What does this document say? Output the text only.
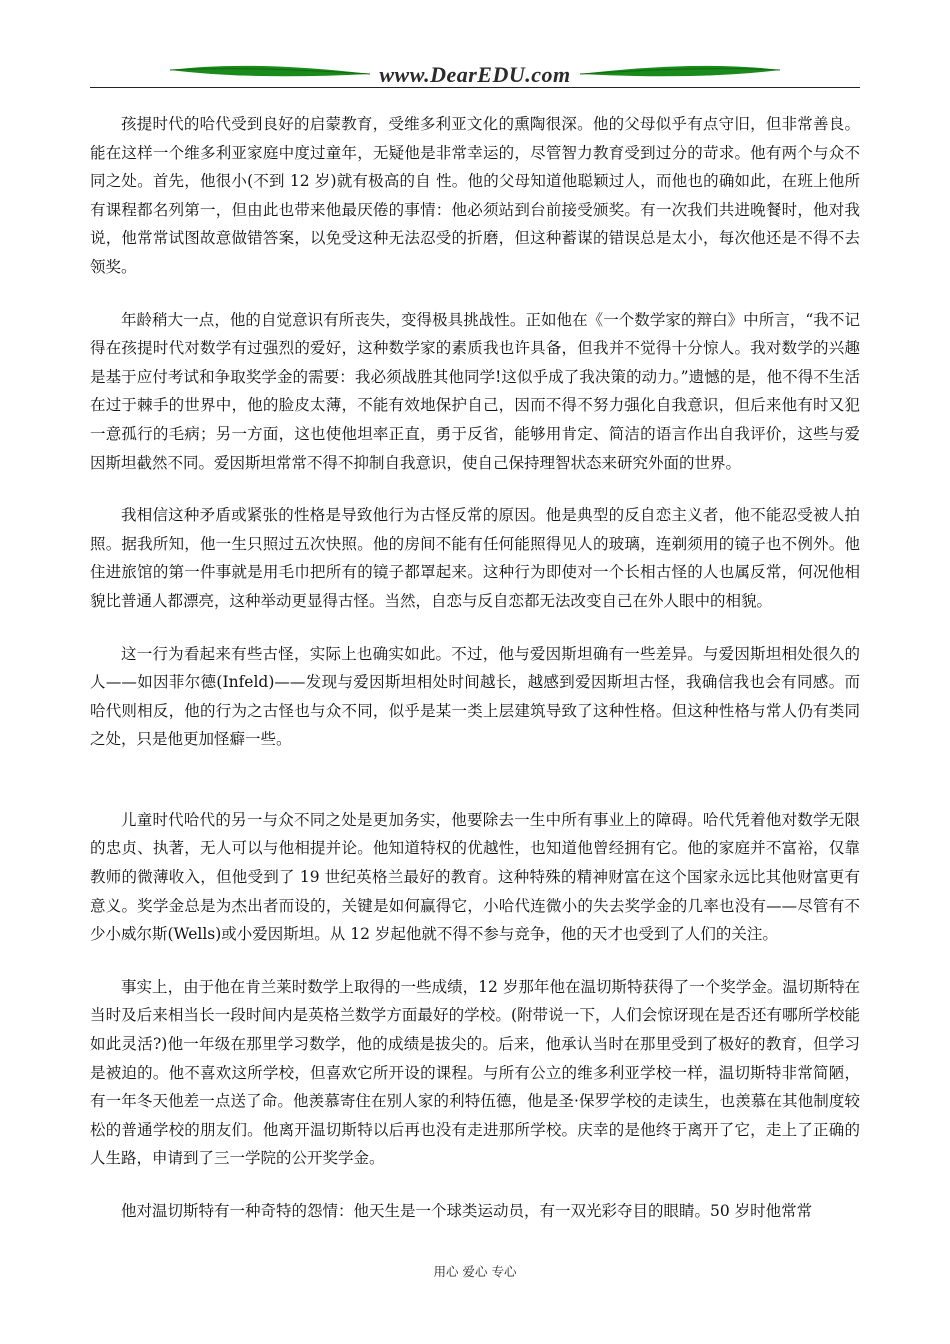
www.DearEDU.com

孩提时代的哈代受到良好的启蒙教育，受维多利亚文化的熏陶很深。他的父母似乎有点守旧，但非常善良。能在这样一个维多利亚家庭中度过童年，无疑他是非常幸运的，尽管智力教育受到过分的苛求。他有两个与众不同之处。首先，他很小(不到 12 岁)就有极高的自 性。他的父母知道他聪颖过人，而他也的确如此，在班上他所有课程都名列第一，但由此也带来他最厌倦的事情：他必须站到台前接受颁奖。有一次我们共进晚餐时，他对我说，他常常试图故意做错答案，以免受这种无法忍受的折磨，但这种蓄谋的错误总是太小，每次他还是不得不去领奖。

年龄稍大一点，他的自觉意识有所丧失，变得极具挑战性。正如他在《一个数学家的辩白》中所言，“我不记得在孩提时代对数学有过强烈的爱好，这种数学家的素质我也许具备，但我并不觉得十分惊人。我对数学的兴趣是基于应付考试和争取奖学金的需要：我必须战胜其他同学!这似乎成了我决策的动力。”遗憾的是，他不得不生活在过于棘手的世界中，他的脸皮太薄，不能有效地保护自己，因而不得不努力强化自我意识，但后来他有时又犯一意孤行的毛病；另一方面，这也使他坦率正直，勇于反省，能够用肯定、简洁的语言作出自我评价，这些与爱因斯坦截然不同。爱因斯坦常常不得不抑制自我意识，使自己保持理智状态来研究外面的世界。

我相信这种矛盾或紧张的性格是导致他行为古怪反常的原因。他是典型的反自恋主义者，他不能忍受被人拍照。据我所知，他一生只照过五次快照。他的房间不能有任何能照得见人的玻璃，连剃须用的镜子也不例外。他住进旅馆的第一件事就是用毛巾把所有的镜子都罩起来。这种行为即使对一个长相古怪的人也属反常，何况他相貌比普通人都漂亮，这种举动更显得古怪。当然，自恋与反自恋都无法改变自己在外人眼中的相貌。

这一行为看起来有些古怪，实际上也确实如此。不过，他与爱因斯坦确有一些差异。与爱因斯坦相处很久的人——如因菲尔德(Infeld)——发现与爱因斯坦相处时间越长，越感到爱因斯坦古怪，我确信我也会有同感。而哈代则相反，他的行为之古怪也与众不同，似乎是某一类上层建筑导致了这种性格。但这种性格与常人仍有类同之处，只是他更加怪癖一些。

儿童时代哈代的另一与众不同之处是更加务实，他要除去一生中所有事业上的障碍。哈代凭着他对数学无限的忠贞、执著，无人可以与他相提并论。他知道特权的优越性，也知道他曾经拥有它。他的家庭并不富裕，仅靠教师的微薄收入，但他受到了 19 世纪英格兰最好的教育。这种特殊的精神财富在这个国家永远比其他财富更有意义。奖学金总是为杰出者而设的，关键是如何赢得它，小哈代连微小的失去奖学金的几率也没有——尽管有不少小威尔斯(Wells)或小爱因斯坦。从 12 岁起他就不得不参与竞争，他的天才也受到了人们的关注。

事实上，由于他在肯兰莱时数学上取得的一些成绩，12 岁那年他在温切斯特获得了一个奖学金。温切斯特在当时及后来相当长一段时间内是英格兰数学方面最好的学校。(附带说一下，人们会惊讶现在是否还有哪所学校能如此灵活?)他一年级在那里学习数学，他的成绩是拔尖的。后来，他承认当时在那里受到了极好的教育，但学习是被迫的。他不喜欢这所学校，但喜欢它所开设的课程。与所有公立的维多利亚学校一样，温切斯特非常简陋，有一年冬天他差一点送了命。他羡慕寄住在别人家的利特伍德，他是圣·保罗学校的走读生，也羡慕在其他制度较松的普通学校的朋友们。他离开温切斯特以后再也没有走进那所学校。庆幸的是他终于离开了它，走上了正确的人生路，申请到了三一学院的公开奖学金。

他对温切斯特有一种奇特的怨情：他天生是一个球类运动员，有一双光彩夺目的眼睛。50 岁时他常常

用心 爱心 专心
